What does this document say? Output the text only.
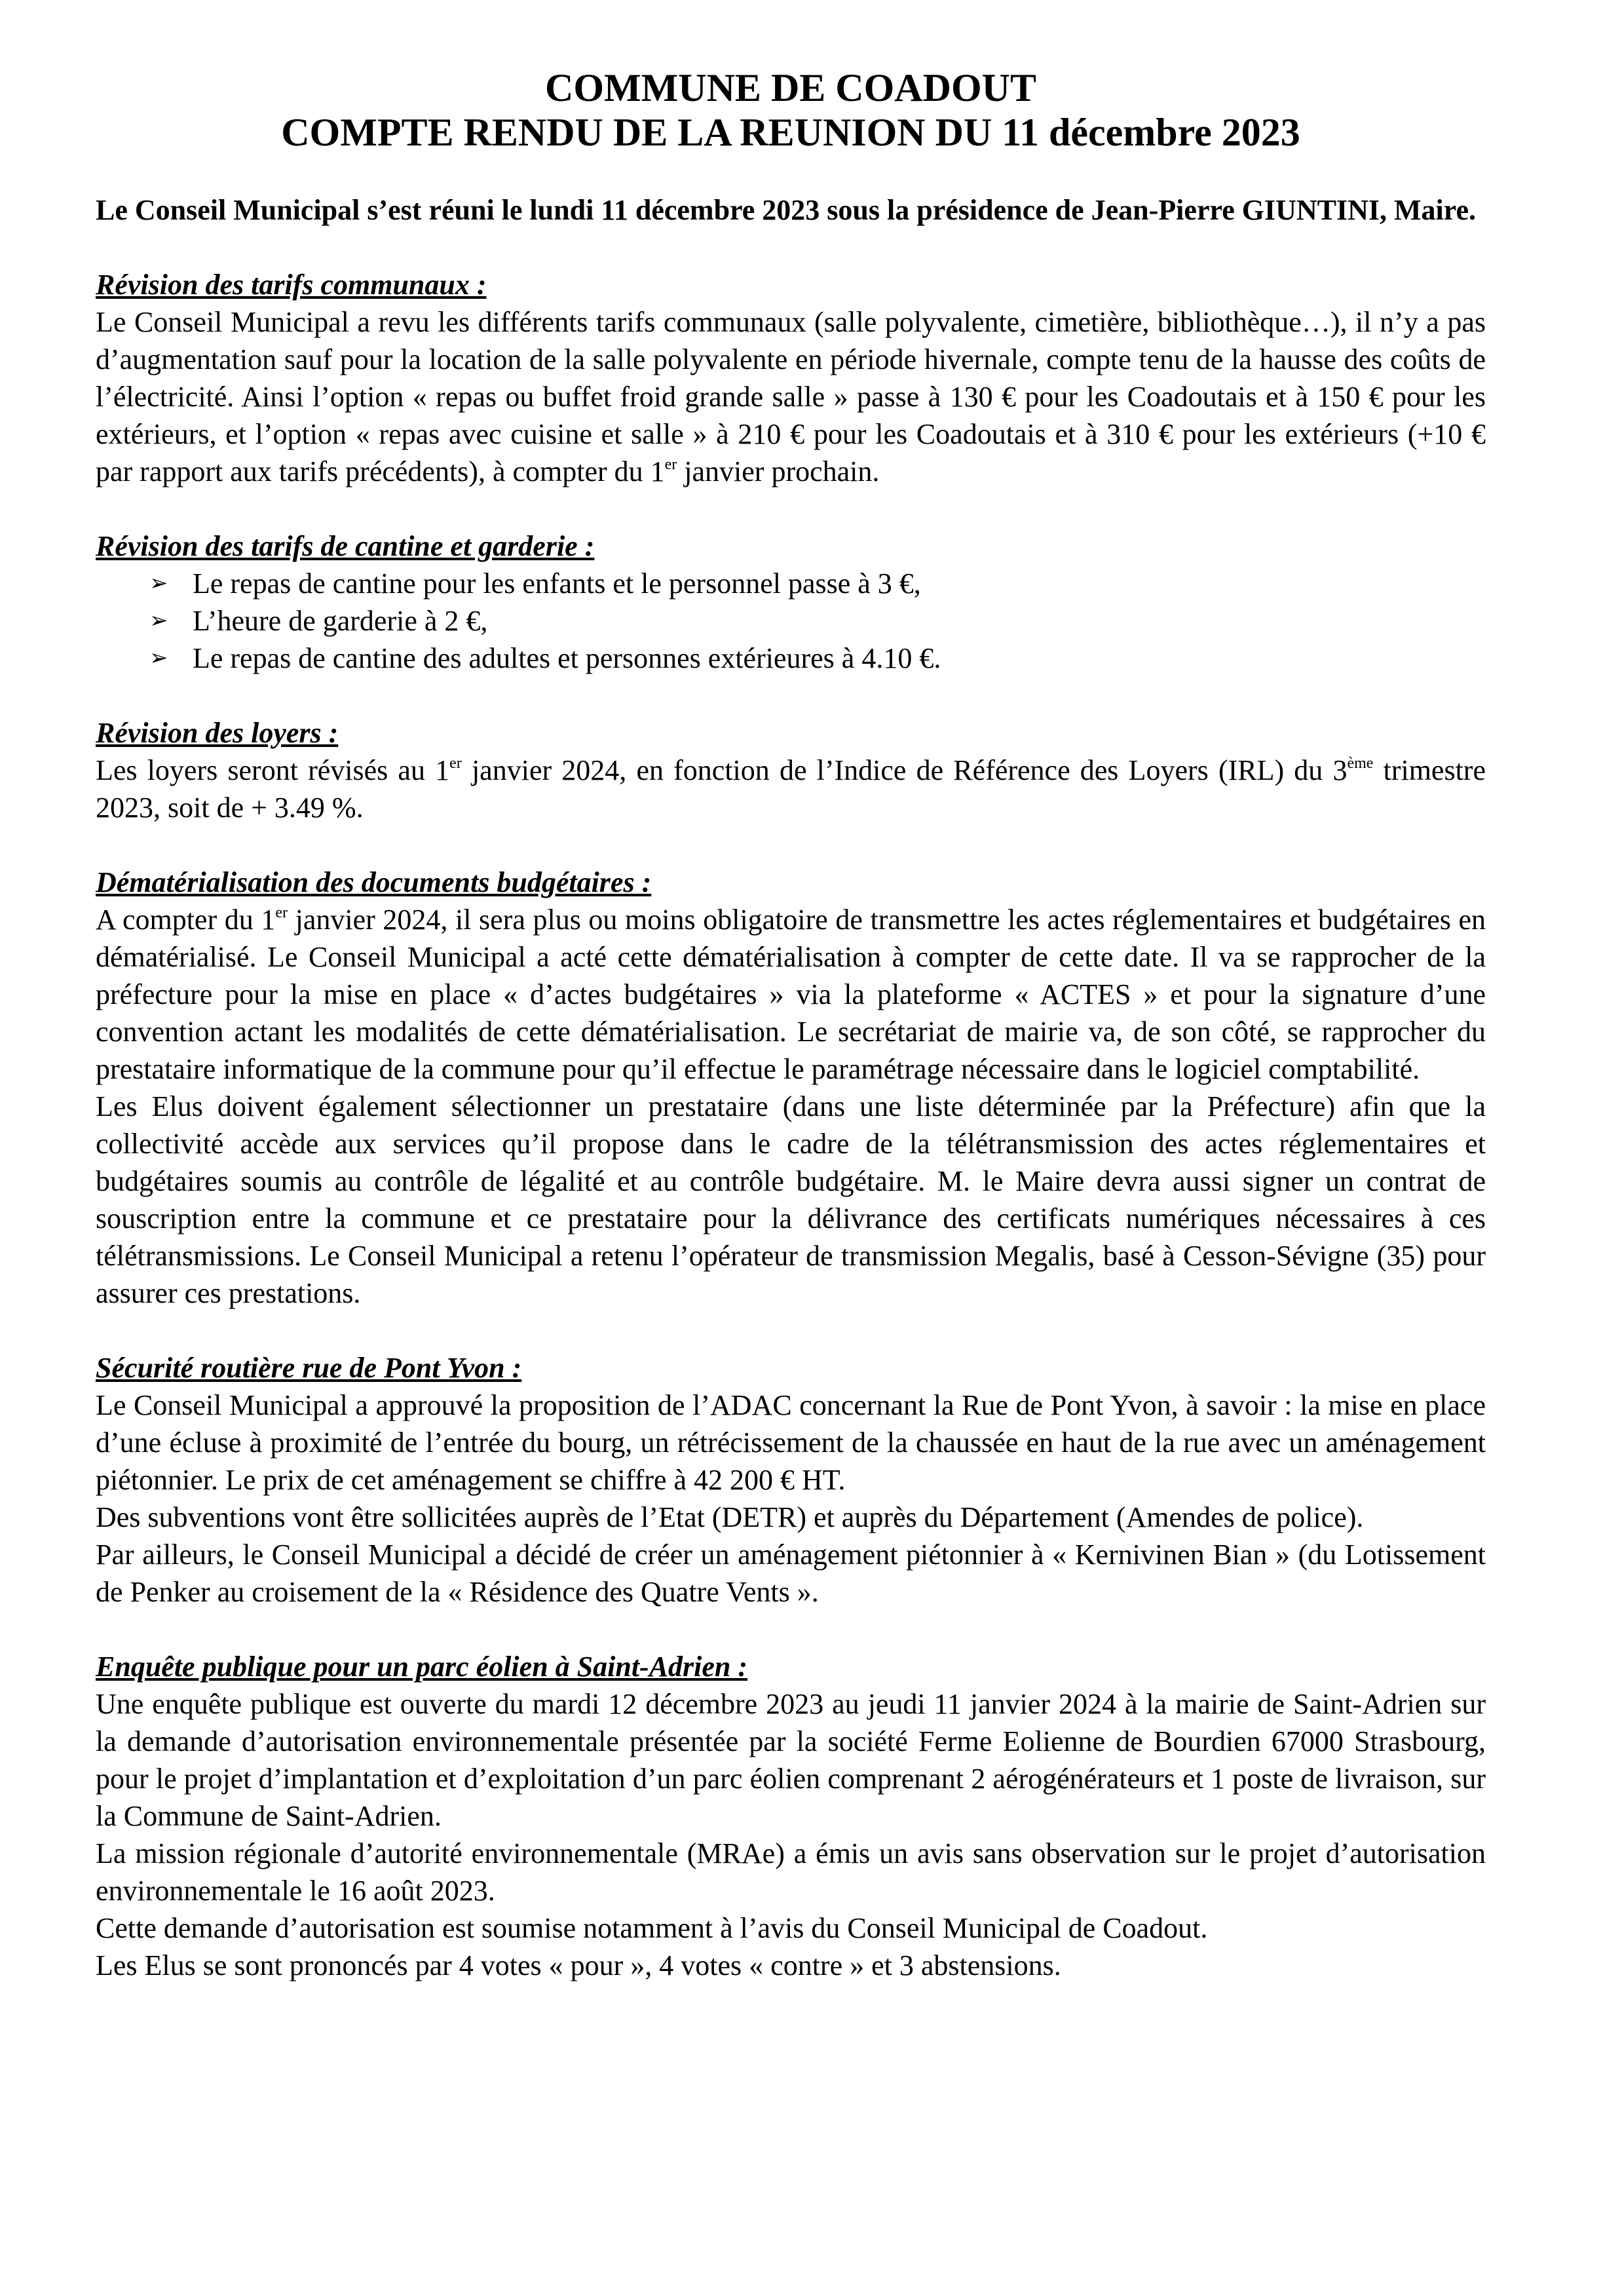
COMMUNE DE COADOUT
COMPTE RENDU DE LA REUNION DU 11 décembre 2023

Le Conseil Municipal s’est réuni le lundi 11 décembre 2023 sous la présidence de Jean-Pierre GIUNTINI, Maire.

Révision des tarifs communaux :

Le Conseil Municipal a revu les différents tarifs communaux (salle polyvalente, cimetière, bibliothèque…), il n’y a pas d’augmentation sauf pour la location de la salle polyvalente en période hivernale, compte tenu de la hausse des coûts de l’électricité. Ainsi l’option « repas ou buffet froid grande salle » passe à 130 € pour les Coadoutais et à 150 € pour les extérieurs, et l’option « repas avec cuisine et salle » à 210 € pour les Coadoutais et à 310 € pour les extérieurs (+10 € par rapport aux tarifs précédents), à compter du 1er janvier prochain.

Révision des tarifs de cantine et garderie :

➢ Le repas de cantine pour les enfants et le personnel passe à 3 €,
➢ L’heure de garderie à 2 €,
➢ Le repas de cantine des adultes et personnes extérieures à 4.10 €.

Révision des loyers :

Les loyers seront révisés au 1er janvier 2024, en fonction de l’Indice de Référence des Loyers (IRL) du 3ème trimestre 2023, soit de + 3.49 %.

Dématérialisation des documents budgétaires :

A compter du 1er janvier 2024, il sera plus ou moins obligatoire de transmettre les actes réglementaires et budgétaires en dématérialisé. Le Conseil Municipal a acté cette dématérialisation à compter de cette date. Il va se rapprocher de la préfecture pour la mise en place « d’actes budgétaires » via la plateforme « ACTES » et pour la signature d’une convention actant les modalités de cette dématérialisation. Le secrétariat de mairie va, de son côté, se rapprocher du prestataire informatique de la commune pour qu’il effectue le paramétrage nécessaire dans le logiciel comptabilité.

Les Elus doivent également sélectionner un prestataire (dans une liste déterminée par la Préfecture) afin que la collectivité accède aux services qu’il propose dans le cadre de la télétransmission des actes réglementaires et budgétaires soumis au contrôle de légalité et au contrôle budgétaire. M. le Maire devra aussi signer un contrat de souscription entre la commune et ce prestataire pour la délivrance des certificats numériques nécessaires à ces télétransmissions. Le Conseil Municipal a retenu l’opérateur de transmission Megalis, basé à Cesson-Sévigne (35) pour assurer ces prestations.

Sécurité routière rue de Pont Yvon :

Le Conseil Municipal a approuvé la proposition de l’ADAC concernant la Rue de Pont Yvon, à savoir : la mise en place d’une écluse à proximité de l’entrée du bourg, un rétrécissement de la chaussée en haut de la rue avec un aménagement piétonnier. Le prix de cet aménagement se chiffre à 42 200 € HT.

Des subventions vont être sollicitées auprès de l’Etat (DETR) et auprès du Département (Amendes de police).

Par ailleurs, le Conseil Municipal a décidé de créer un aménagement piétonnier à « Kernivinen Bian » (du Lotissement de Penker au croisement de la « Résidence des Quatre Vents ».

Enquête publique pour un parc éolien à Saint-Adrien :

Une enquête publique est ouverte du mardi 12 décembre 2023 au jeudi 11 janvier 2024 à la mairie de Saint-Adrien sur la demande d’autorisation environnementale présentée par la société Ferme Eolienne de Bourdien 67000 Strasbourg, pour le projet d’implantation et d’exploitation d’un parc éolien comprenant 2 aérogénérateurs et 1 poste de livraison, sur la Commune de Saint-Adrien.

La mission régionale d’autorité environnementale (MRAe) a émis un avis sans observation sur le projet d’autorisation environnementale le 16 août 2023.

Cette demande d’autorisation est soumise notamment à l’avis du Conseil Municipal de Coadout.

Les Elus se sont prononcés par 4 votes « pour », 4 votes « contre » et 3 abstensions.
